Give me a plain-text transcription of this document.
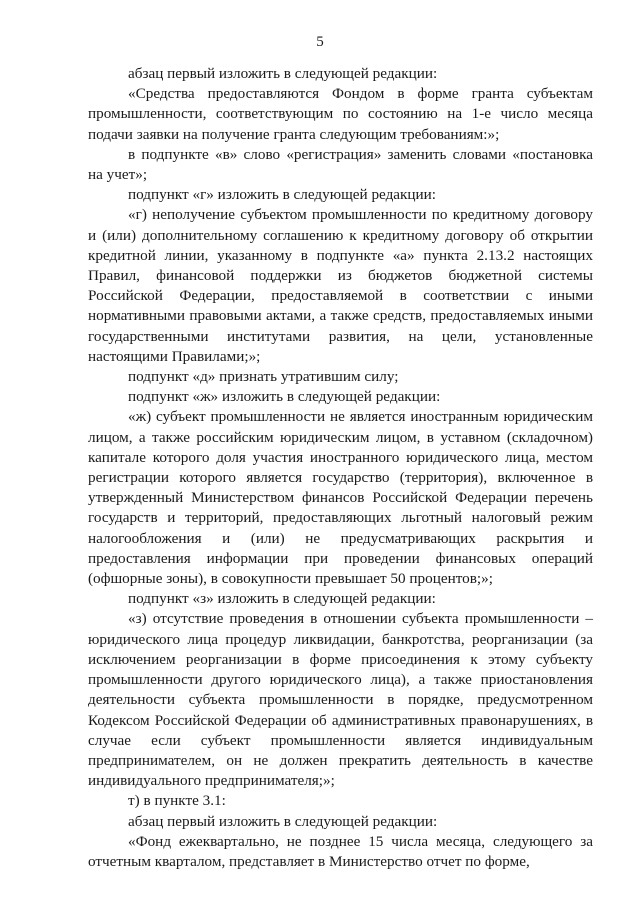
5

абзац первый изложить в следующей редакции:

«Средства предоставляются Фондом в форме гранта субъектам промышленности, соответствующим по состоянию на 1-е число месяца подачи заявки на получение гранта следующим требованиям:»;

в подпункте «в» слово «регистрация» заменить словами «постановка на учет»;

подпункт «г» изложить в следующей редакции:

«г) неполучение субъектом промышленности по кредитному договору и (или) дополнительному соглашению к кредитному договору об открытии кредитной линии, указанному в подпункте «а» пункта 2.13.2 настоящих Правил, финансовой поддержки из бюджетов бюджетной системы Российской Федерации, предоставляемой в соответствии с иными нормативными правовыми актами, а также средств, предоставляемых иными государственными институтами развития, на цели, установленные настоящими Правилами;»;

подпункт «д» признать утратившим силу;

подпункт «ж» изложить в следующей редакции:

«ж) субъект промышленности не является иностранным юридическим лицом, а также российским юридическим лицом, в уставном (складочном) капитале которого доля участия иностранного юридического лица, местом регистрации которого является государство (территория), включенное в утвержденный Министерством финансов Российской Федерации перечень государств и территорий, предоставляющих льготный налоговый режим налогообложения и (или) не предусматривающих раскрытия и предоставления информации при проведении финансовых операций (офшорные зоны), в совокупности превышает 50 процентов;»;

подпункт «з» изложить в следующей редакции:

«з) отсутствие проведения в отношении субъекта промышленности – юридического лица процедур ликвидации, банкротства, реорганизации (за исключением реорганизации в форме присоединения к этому субъекту промышленности другого юридического лица), а также приостановления деятельности субъекта промышленности в порядке, предусмотренном Кодексом Российской Федерации об административных правонарушениях, в случае если субъект промышленности является индивидуальным предпринимателем, он не должен прекратить деятельность в качестве индивидуального предпринимателя;»;

т) в пункте 3.1:

абзац первый изложить в следующей редакции:

«Фонд ежеквартально, не позднее 15 числа месяца, следующего за отчетным кварталом, представляет в Министерство отчет по форме,
